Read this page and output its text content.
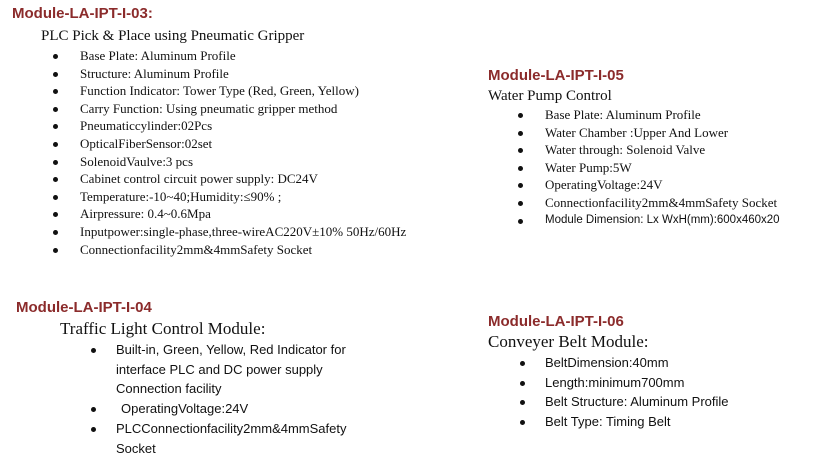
Module-LA-IPT-I-03:
PLC Pick & Place using Pneumatic Gripper
Base Plate: Aluminum Profile
Structure: Aluminum Profile
Function Indicator: Tower Type (Red, Green, Yellow)
Carry Function: Using pneumatic gripper method
Pneumaticcylinder:02Pcs
OpticalFiberSensor:02set
SolenoidVaulve:3 pcs
Cabinet control circuit power supply: DC24V
Temperature:-10~40;Humidity:≤90% ;
Airpressure: 0.4~0.6Mpa
Inputpower:single-phase,three-wireAC220V±10% 50Hz/60Hz
Connectionfacility2mm&4mmSafety Socket
Module-LA-IPT-I-05
Water Pump Control
Base Plate: Aluminum Profile
Water Chamber :Upper And Lower
Water through: Solenoid Valve
Water Pump:5W
OperatingVoltage:24V
Connectionfacility2mm&4mmSafety Socket
Module Dimension: Lx WxH(mm):600x460x20
Module-LA-IPT-I-04
Traffic Light Control Module:
Built-in, Green, Yellow, Red Indicator for interface PLC and DC power supply Connection facility
OperatingVoltage:24V
PLCConnectionfacility2mm&4mmSafety Socket
Module-LA-IPT-I-06
Conveyer Belt Module:
BeltDimension:40mm
Length:minimum700mm
Belt Structure: Aluminum Profile
Belt Type: Timing Belt
